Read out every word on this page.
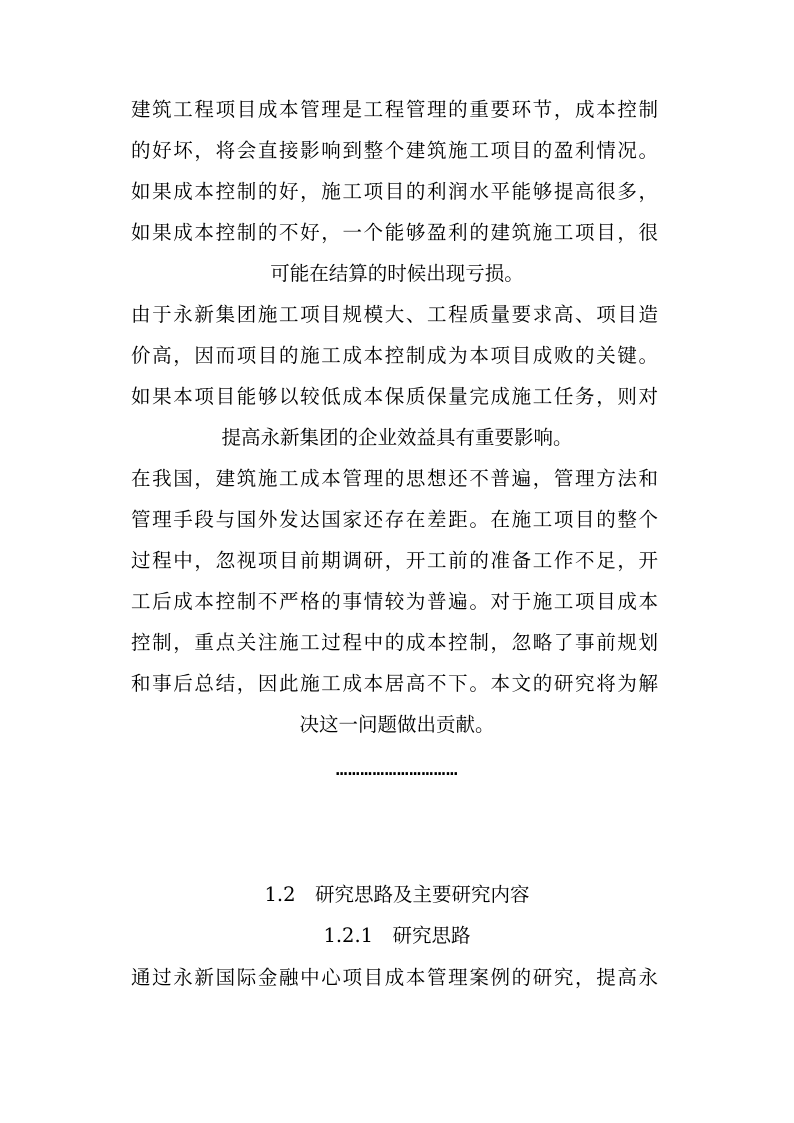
建筑工程项目成本管理是工程管理的重要环节，成本控制
的好坏，将会直接影响到整个建筑施工项目的盈利情况。
如果成本控制的好，施工项目的利润水平能够提高很多，
如果成本控制的不好，一个能够盈利的建筑施工项目，很
可能在结算的时候出现亏损。
由于永新集团施工项目规模大、工程质量要求高、项目造
价高，因而项目的施工成本控制成为本项目成败的关键。
如果本项目能够以较低成本保质保量完成施工任务，则对
提高永新集团的企业效益具有重要影响。
在我国，建筑施工成本管理的思想还不普遍，管理方法和
管理手段与国外发达国家还存在差距。在施工项目的整个
过程中，忽视项目前期调研，开工前的准备工作不足，开
工后成本控制不严格的事情较为普遍。对于施工项目成本
控制，重点关注施工过程中的成本控制，忽略了事前规划
和事后总结，因此施工成本居高不下。本文的研究将为解
决这一问题做出贡献。
…………………………
1.2　研究思路及主要研究内容
1.2.1　研究思路
通过永新国际金融中心项目成本管理案例的研究，提高永
